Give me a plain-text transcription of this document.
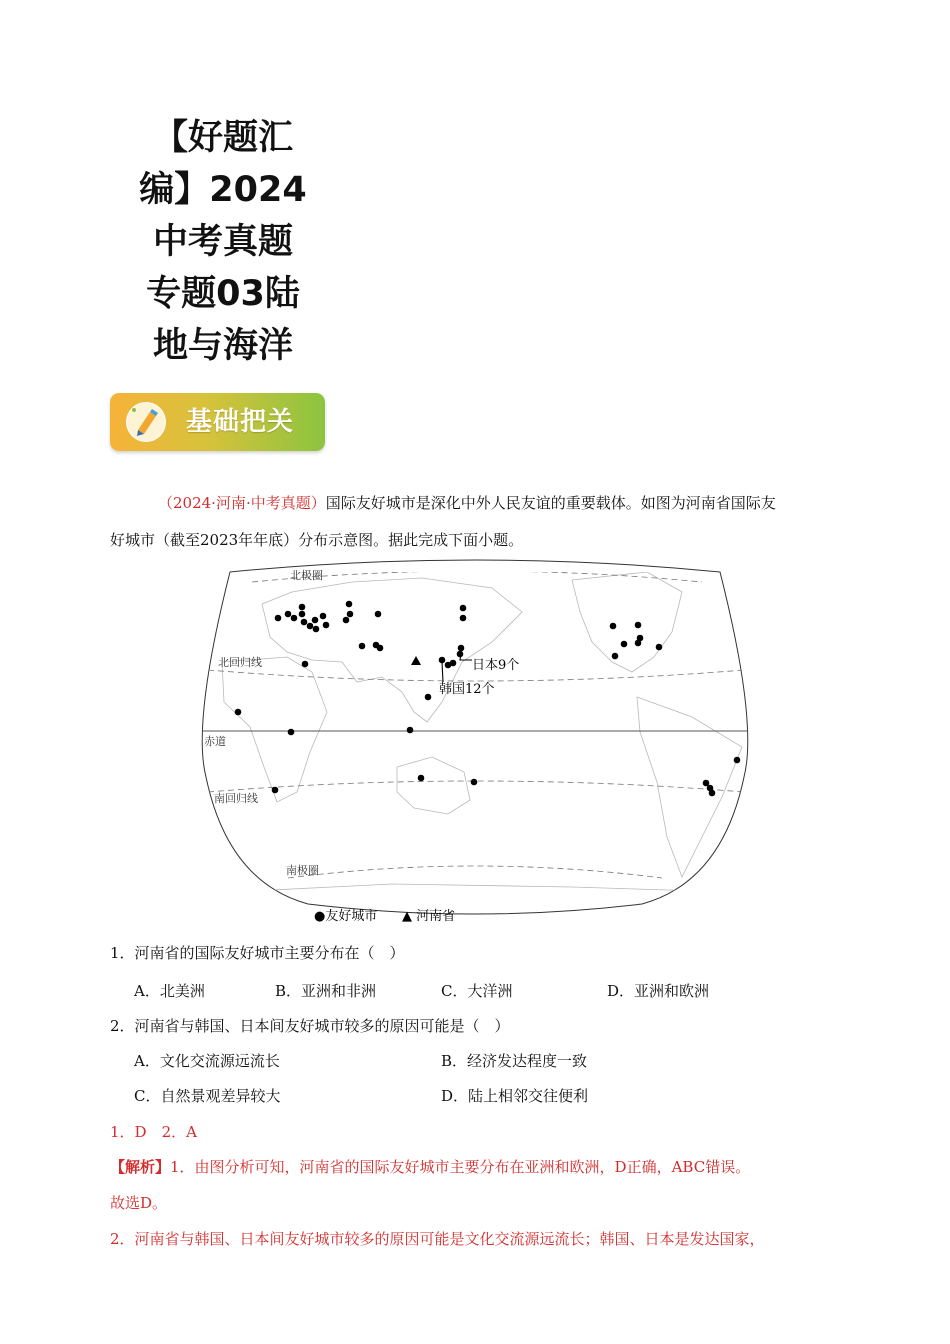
【好题汇
编】2024
中考真题
专题03陆
地与海洋
基础把关
（2024·河南·中考真题）国际友好城市是深化中外人民友谊的重要载体。如图为河南省国际友
好城市（截至2023年年底）分布示意图。据此完成下面小题。
北极圈
北回归线
赤道
南回归线
南极圈
日本9个
韩国12个
●友好城市 ▲ 河南省
1．河南省的国际友好城市主要分布在（　）
A．北美洲	B．亚洲和非洲	C．大洋洲	D．亚洲和欧洲
2．河南省与韩国、日本间友好城市较多的原因可能是（　）
A．文化交流源远流长	B．经济发达程度一致
C．自然景观差异较大	D．陆上相邻交往便利
1．D　2．A
【解析】1．由图分析可知，河南省的国际友好城市主要分布在亚洲和欧洲，D正确，ABC错误。
故选D。
2．河南省与韩国、日本间友好城市较多的原因可能是文化交流源远流长；韩国、日本是发达国家，
